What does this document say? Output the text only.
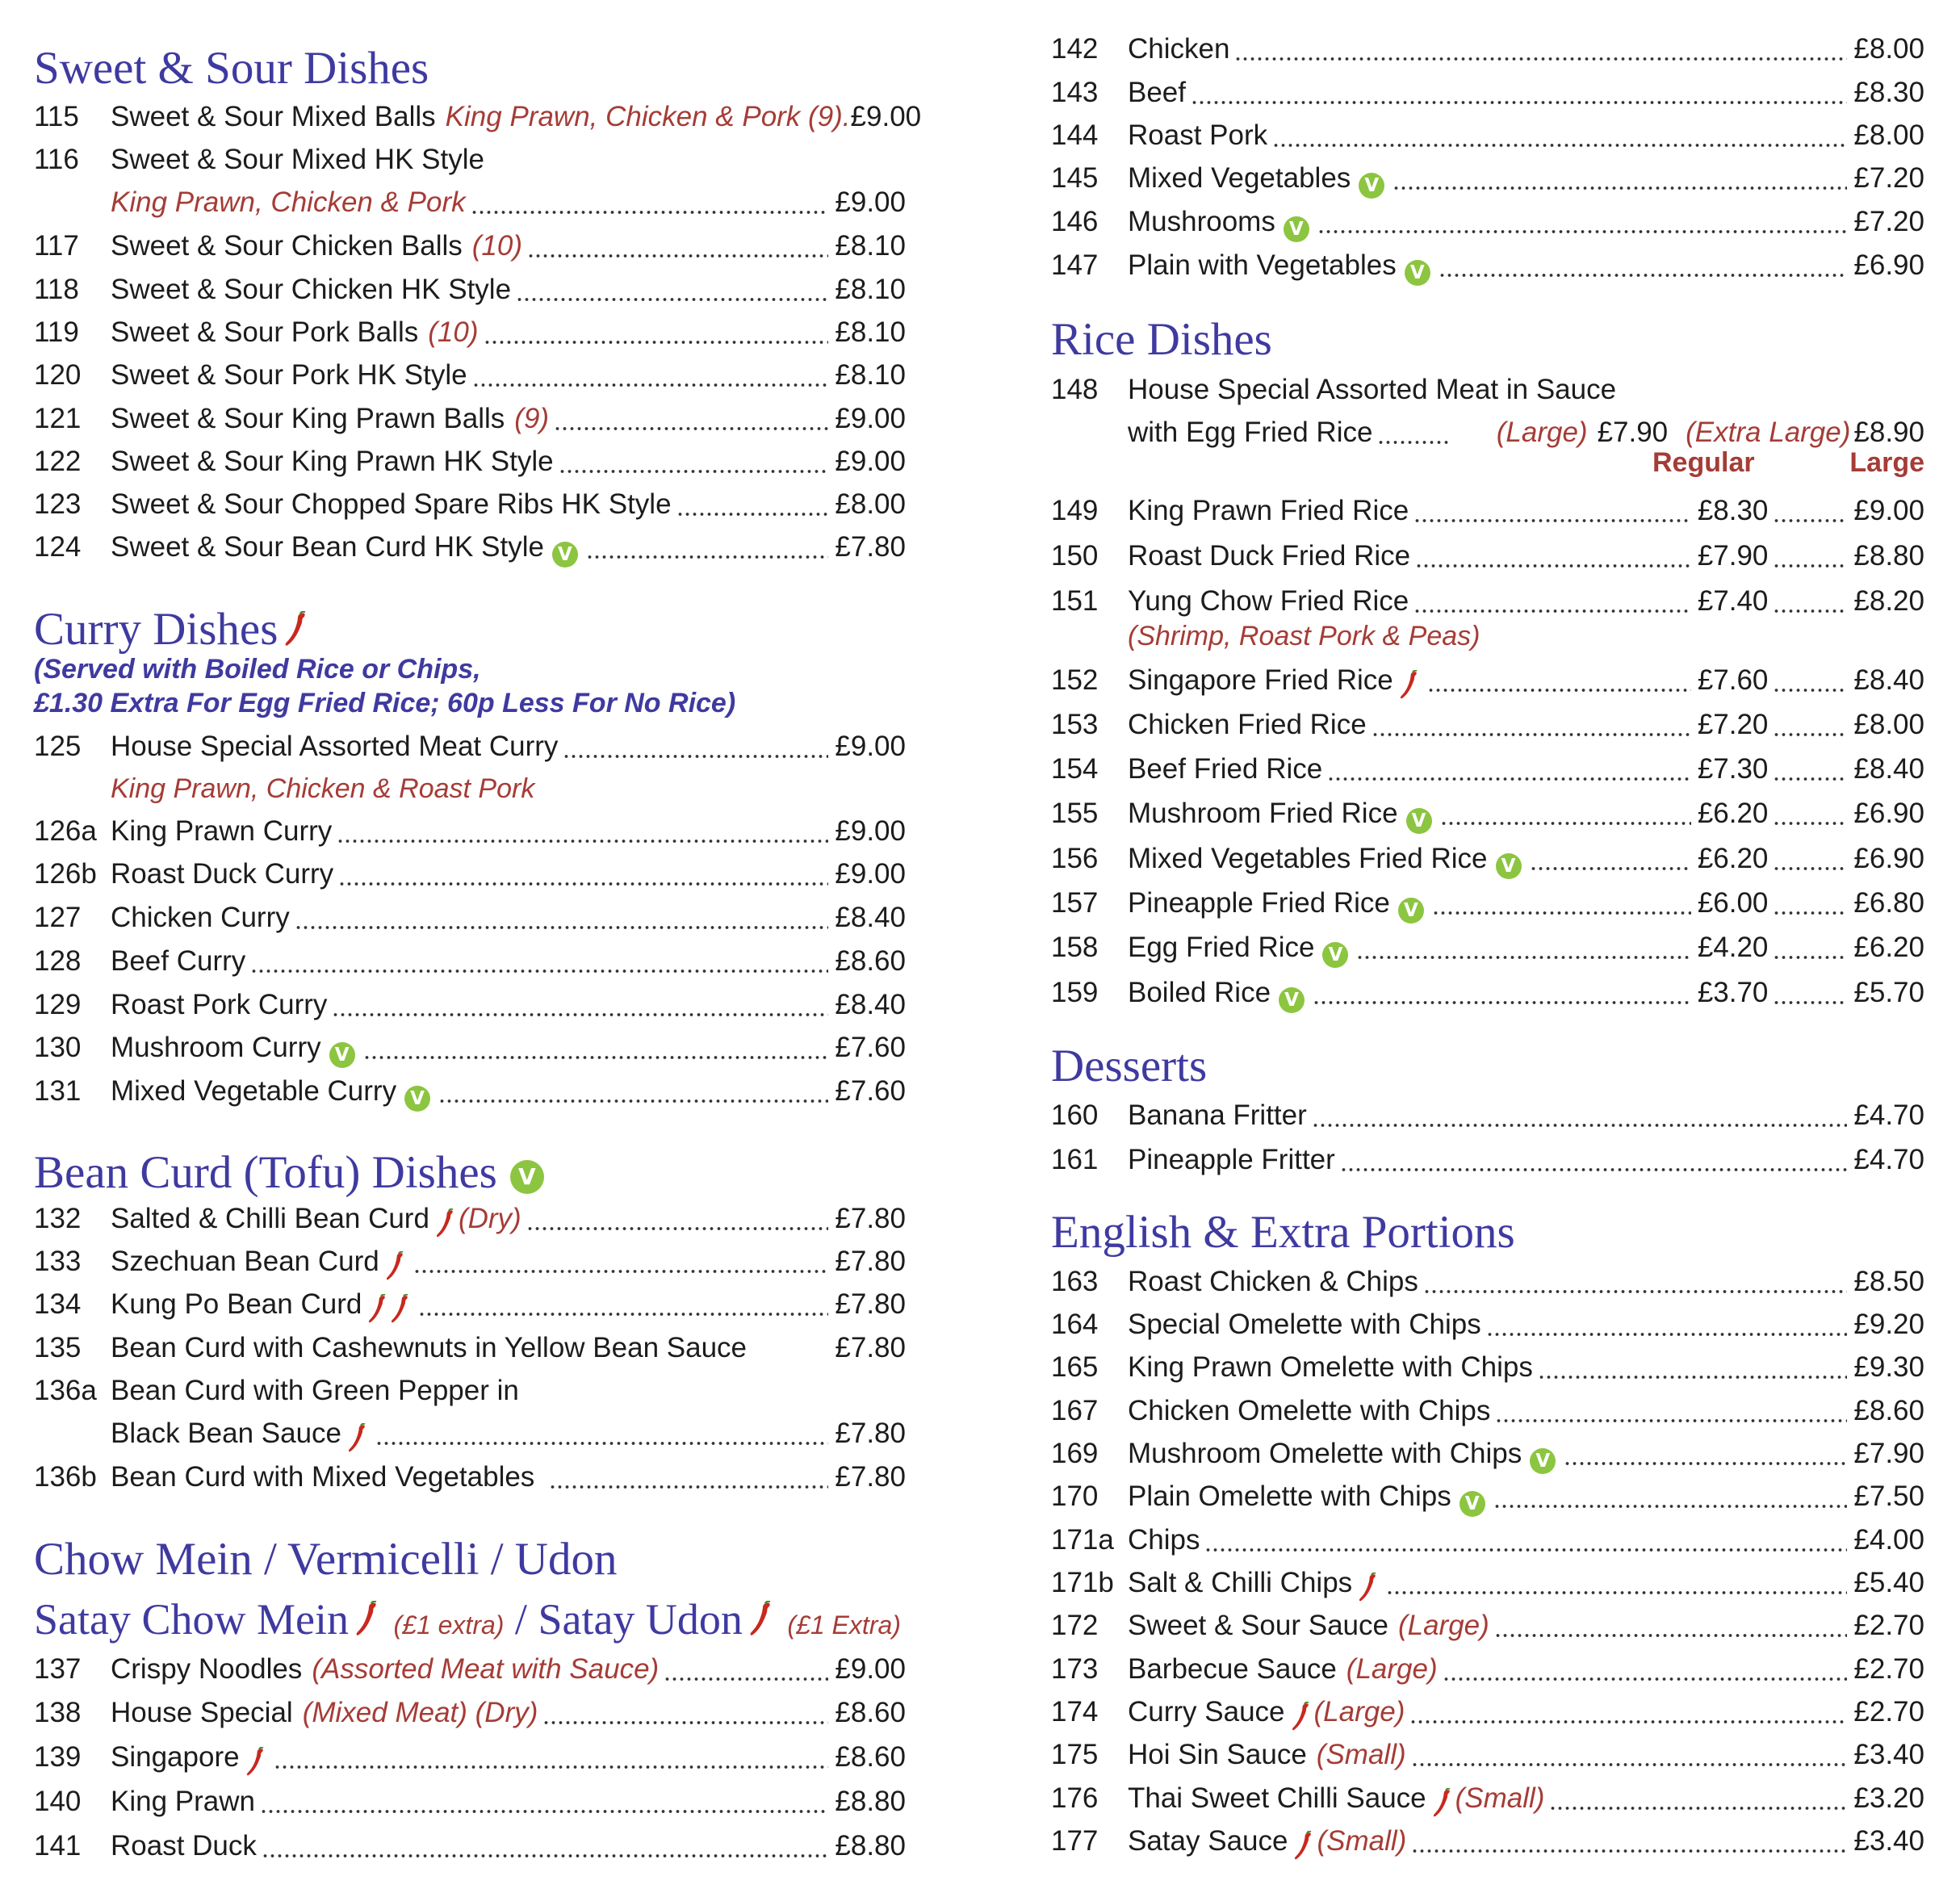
Sweet & Sour Dishes
115	Sweet & Sour Mixed Balls King Prawn, Chicken & Pork (9). £9.00
116	Sweet & Sour Mixed HK Style
King Prawn, Chicken & Pork	£9.00
117	Sweet & Sour Chicken Balls (10)	£8.10
118	Sweet & Sour Chicken HK Style	£8.10
119	Sweet & Sour Pork Balls (10)	£8.10
120	Sweet & Sour Pork HK Style	£8.10
121	Sweet & Sour King Prawn Balls (9)	£9.00
122	Sweet & Sour King Prawn HK Style	£9.00
123	Sweet & Sour Chopped Spare Ribs HK Style	£8.00
124	Sweet & Sour Bean Curd HK Style V	£7.80
Curry Dishes
(Served with Boiled Rice or Chips,
£1.30 Extra For Egg Fried Rice; 60p Less For No Rice)
125	House Special Assorted Meat Curry	£9.00
King Prawn, Chicken & Roast Pork
126a King Prawn Curry	£9.00
126b Roast Duck Curry	£9.00
127	Chicken Curry	£8.40
128	Beef Curry	£8.60
129	Roast Pork Curry	£8.40
130	Mushroom Curry V	£7.60
131	Mixed Vegetable Curry V	£7.60
Bean Curd (Tofu) Dishes V
132	Salted & Chilli Bean Curd (Dry)	£7.80
133	Szechuan Bean Curd	£7.80
134	Kung Po Bean Curd	£7.80
135	Bean Curd with Cashewnuts in Yellow Bean Sauce	£7.80
136a Bean Curd with Green Pepper in
Black Bean Sauce	£7.80
136b Bean Curd with Mixed Vegetables	£7.80
Chow Mein / Vermicelli / Udon
Satay Chow Mein (£1 extra) / Satay Udon (£1 Extra)
137	Crispy Noodles (Assorted Meat with Sauce)	£9.00
138	House Special (Mixed Meat) (Dry)	£8.60
139	Singapore	£8.60
140	King Prawn	£8.80
141	Roast Duck	£8.80
142	Chicken	£8.00
143	Beef	£8.30
144	Roast Pork	£8.00
145	Mixed Vegetables V	£7.20
146	Mushrooms V	£7.20
147	Plain with Vegetables V	£6.90
Rice Dishes
148	House Special Assorted Meat in Sauce
with Egg Fried Rice	(Large) £7.90 (Extra Large) £8.90
Regular	Large
149	King Prawn Fried Rice	£8.30	£9.00
150	Roast Duck Fried Rice	£7.90	£8.80
151	Yung Chow Fried Rice	£7.40	£8.20
(Shrimp, Roast Pork & Peas)
152	Singapore Fried Rice	£7.60	£8.40
153	Chicken Fried Rice	£7.20	£8.00
154	Beef Fried Rice	£7.30	£8.40
155	Mushroom Fried Rice V	£6.20	£6.90
156	Mixed Vegetables Fried Rice V	£6.20	£6.90
157	Pineapple Fried Rice V	£6.00	£6.80
158	Egg Fried Rice V	£4.20	£6.20
159	Boiled Rice V	£3.70	£5.70
Desserts
160	Banana Fritter	£4.70
161	Pineapple Fritter	£4.70
English & Extra Portions
163	Roast Chicken & Chips	£8.50
164	Special Omelette with Chips	£9.20
165	King Prawn Omelette with Chips	£9.30
167	Chicken Omelette with Chips	£8.60
169	Mushroom Omelette with Chips V	£7.90
170	Plain Omelette with Chips V	£7.50
171a Chips	£4.00
171b Salt & Chilli Chips	£5.40
172	Sweet & Sour Sauce (Large)	£2.70
173	Barbecue Sauce (Large)	£2.70
174	Curry Sauce (Large)	£2.70
175	Hoi Sin Sauce (Small)	£3.40
176	Thai Sweet Chilli Sauce (Small)	£3.20
177	Satay Sauce (Small)	£3.40
